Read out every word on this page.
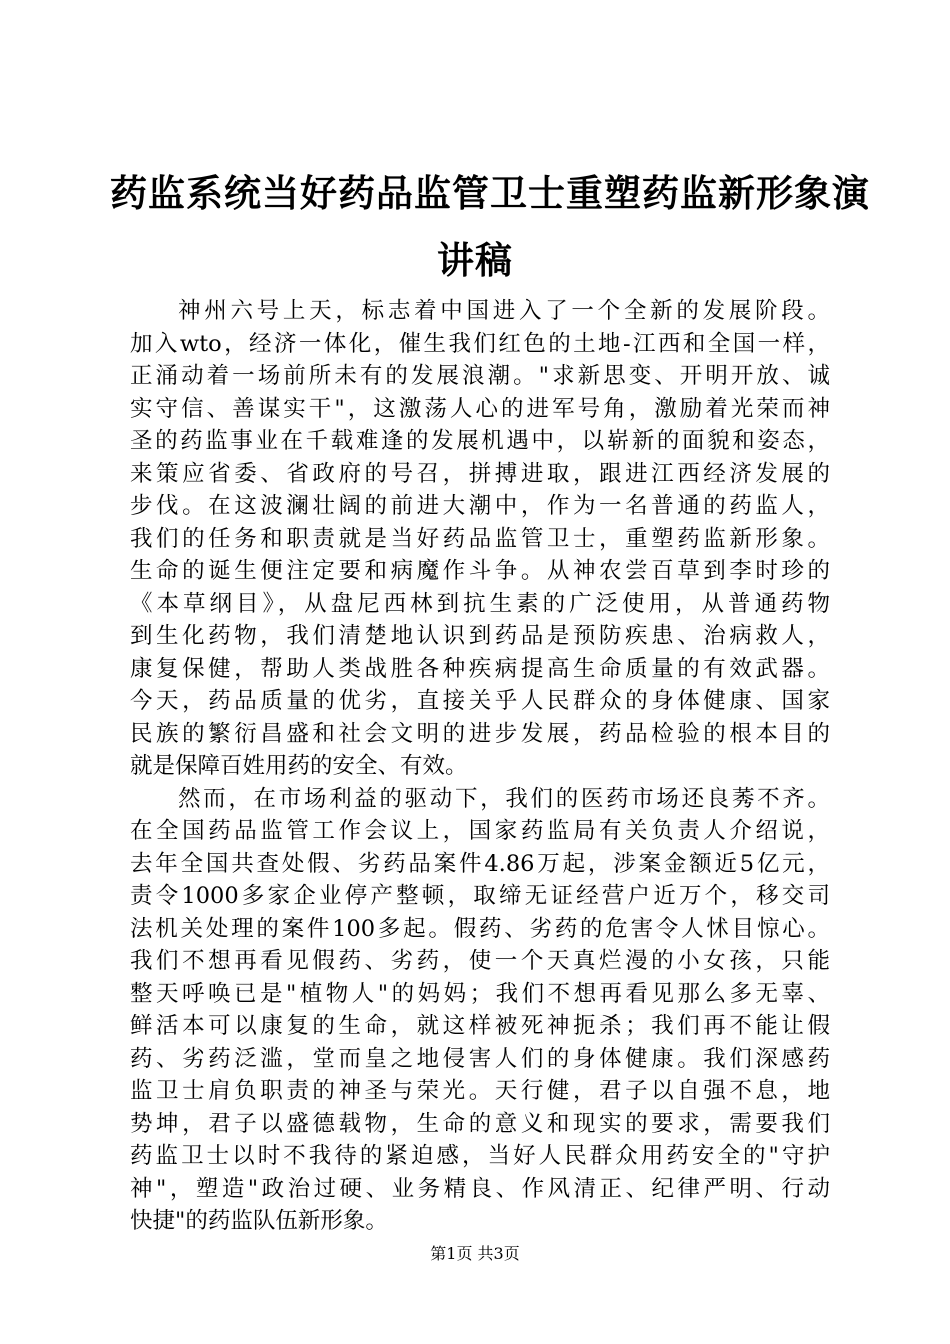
药监系统当好药品监管卫士重塑药监新形象演
讲稿
神州六号上天，标志着中国进入了一个全新的发展阶段。
加入wto，经济一体化，催生我们红色的土地-江西和全国一样，
正涌动着一场前所未有的发展浪潮。"求新思变、开明开放、诚
实守信、善谋实干"，这激荡人心的进军号角，激励着光荣而神
圣的药监事业在千载难逢的发展机遇中，以崭新的面貌和姿态，
来策应省委、省政府的号召，拼搏进取，跟进江西经济发展的
步伐。在这波澜壮阔的前进大潮中，作为一名普通的药监人，
我们的任务和职责就是当好药品监管卫士，重塑药监新形象。
生命的诞生便注定要和病魔作斗争。从神农尝百草到李时珍的
《本草纲目》，从盘尼西林到抗生素的广泛使用，从普通药物
到生化药物，我们清楚地认识到药品是预防疾患、治病救人，
康复保健，帮助人类战胜各种疾病提高生命质量的有效武器。
今天，药品质量的优劣，直接关乎人民群众的身体健康、国家
民族的繁衍昌盛和社会文明的进步发展，药品检验的根本目的
就是保障百姓用药的安全、有效。
然而，在市场利益的驱动下，我们的医药市场还良莠不齐。
在全国药品监管工作会议上，国家药监局有关负责人介绍说，
去年全国共查处假、劣药品案件4.86万起，涉案金额近5亿元，
责令1000多家企业停产整顿，取缔无证经营户近万个，移交司
法机关处理的案件100多起。假药、劣药的危害令人怵目惊心。
我们不想再看见假药、劣药，使一个天真烂漫的小女孩，只能
整天呼唤已是"植物人"的妈妈；我们不想再看见那么多无辜、
鲜活本可以康复的生命，就这样被死神扼杀；我们再不能让假
药、劣药泛滥，堂而皇之地侵害人们的身体健康。我们深感药
监卫士肩负职责的神圣与荣光。天行健，君子以自强不息，地
势坤，君子以盛德载物，生命的意义和现实的要求，需要我们
药监卫士以时不我待的紧迫感，当好人民群众用药安全的"守护
神"，塑造"政治过硬、业务精良、作风清正、纪律严明、行动
快捷"的药监队伍新形象。
第1页 共3页
